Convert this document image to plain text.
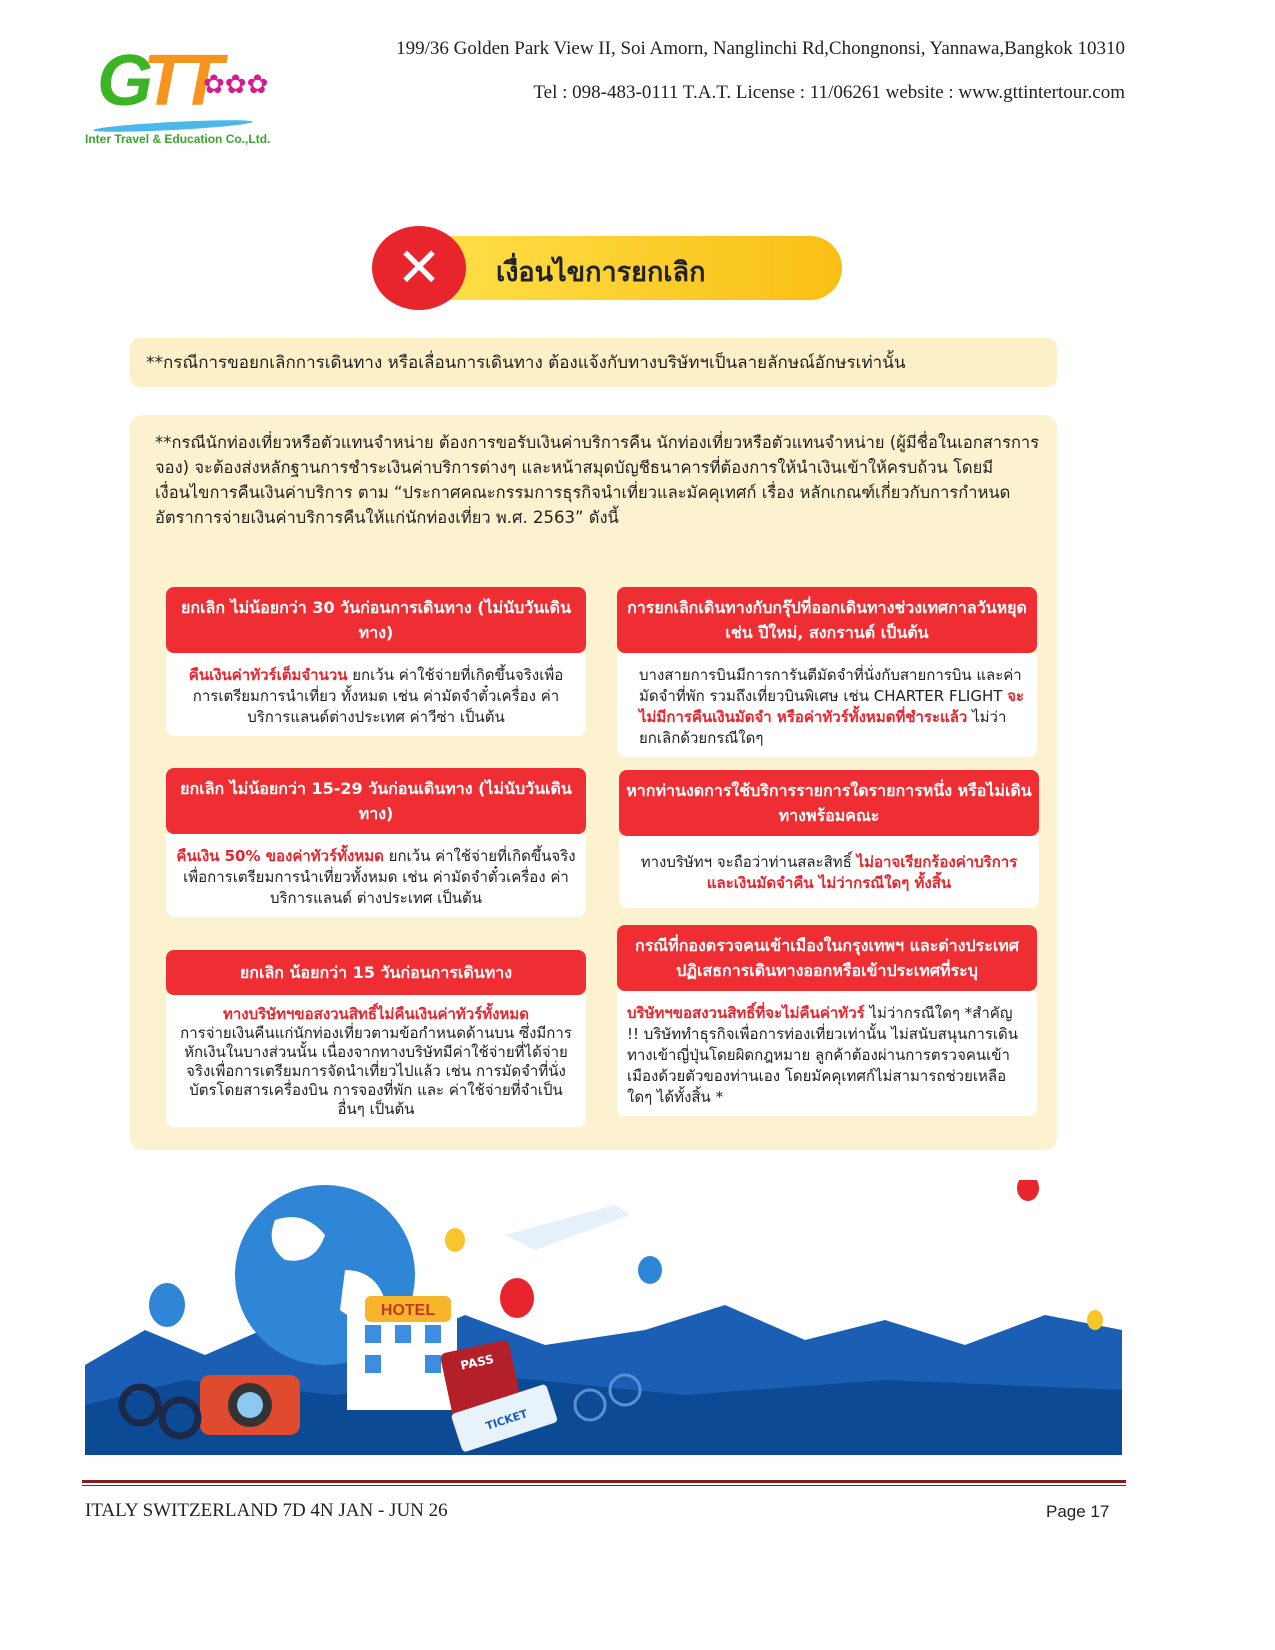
G
TT
✿✿✿
Inter Travel & Education Co.,Ltd.
199/36 Golden Park View II, Soi Amorn, Nanglinchi Rd,Chongnonsi, Yannawa,Bangkok 10310
Tel : 098-483-0111 T.A.T. License : 11/06261 website : www.gttintertour.com
เงื่อนไขการยกเลิก
✕
**กรณีการขอยกเลิกการเดินทาง หรือเลื่อนการเดินทาง ต้องแจ้งกับทางบริษัทฯเป็นลายลักษณ์อักษรเท่านั้น
**กรณีนักท่องเที่ยวหรือตัวแทนจำหน่าย ต้องการขอรับเงินค่าบริการคืน นักท่องเที่ยวหรือตัวแทนจำหน่าย (ผู้มีชื่อในเอกสารการจอง) จะต้องส่งหลักฐานการชำระเงินค่าบริการต่างๆ และหน้าสมุดบัญชีธนาคารที่ต้องการให้นำเงินเข้าให้ครบถ้วน โดยมีเงื่อนไขการคืนเงินค่าบริการ ตาม “ประกาศคณะกรรมการธุรกิจนำเที่ยวและมัคคุเทศก์ เรื่อง หลักเกณฑ์เกี่ยวกับการกำหนดอัตราการจ่ายเงินค่าบริการคืนให้แก่นักท่องเที่ยว พ.ศ. 2563” ดังนี้
ยกเลิก ไม่น้อยกว่า 30 วันก่อนการเดินทาง (ไม่นับวันเดินทาง)
คืนเงินค่าทัวร์เต็มจำนวน ยกเว้น ค่าใช้จ่ายที่เกิดขึ้นจริงเพื่อการเตรียมการนำเที่ยว ทั้งหมด เช่น ค่ามัดจำตั๋วเครื่อง ค่าบริการแลนด์ต่างประเทศ ค่าวีซ่า เป็นต้น
ยกเลิก ไม่น้อยกว่า 15-29 วันก่อนเดินทาง (ไม่นับวันเดินทาง)
คืนเงิน 50% ของค่าทัวร์ทั้งหมด ยกเว้น ค่าใช้จ่ายที่เกิดขึ้นจริงเพื่อการเตรียมการนำเที่ยวทั้งหมด เช่น ค่ามัดจำตั๋วเครื่อง ค่าบริการแลนด์ ต่างประเทศ เป็นต้น
ยกเลิก น้อยกว่า 15 วันก่อนการเดินทาง
ทางบริษัทฯขอสงวนสิทธิ์ไม่คืนเงินค่าทัวร์ทั้งหมด
การจ่ายเงินคืนแก่นักท่องเที่ยวตามข้อกำหนดด้านบน ซึ่งมีการหักเงินในบางส่วนนั้น เนื่องจากทางบริษัทมีค่าใช้จ่ายที่ได้จ่ายจริงเพื่อการเตรียมการจัดนำเที่ยวไปแล้ว เช่น การมัดจำที่นั่งบัตรโดยสารเครื่องบิน การจองที่พัก และ ค่าใช้จ่ายที่จำเป็นอื่นๆ เป็นต้น
การยกเลิกเดินทางกับกรุ๊ปที่ออกเดินทางช่วงเทศกาลวันหยุด เช่น ปีใหม่, สงกรานต์ เป็นต้น
บางสายการบินมีการการันตีมัดจำที่นั่งกับสายการบิน และค่ามัดจำที่พัก รวมถึงเที่ยวบินพิเศษ เช่น CHARTER FLIGHT จะไม่มีการคืนเงินมัดจำ หรือค่าทัวร์ทั้งหมดที่ชำระแล้ว ไม่ว่ายกเลิกด้วยกรณีใดๆ
หากท่านงดการใช้บริการรายการใดรายการหนึ่ง หรือไม่เดินทางพร้อมคณะ
ทางบริษัทฯ จะถือว่าท่านสละสิทธิ์ ไม่อาจเรียกร้องค่าบริการและเงินมัดจำคืน ไม่ว่ากรณีใดๆ ทั้งสิ้น
กรณีที่กองตรวจคนเข้าเมืองในกรุงเทพฯ และต่างประเทศปฏิเสธการเดินทางออกหรือเข้าประเทศที่ระบุ
บริษัทฯขอสงวนสิทธิ์ที่จะไม่คืนค่าทัวร์ ไม่ว่ากรณีใดๆ *สำคัญ !! บริษัททำธุรกิจเพื่อการท่องเที่ยวเท่านั้น ไม่สนับสนุนการเดินทางเข้าญี่ปุ่นโดยผิดกฎหมาย ลูกค้าต้องผ่านการตรวจคนเข้าเมืองด้วยตัวของท่านเอง โดยมัคคุเทศก์ไม่สามารถช่วยเหลือใดๆ ได้ทั้งสิ้น *
HOTEL
PASS
TICKET
ITALY SWITZERLAND 7D 4N JAN - JUN 26	Page 17
